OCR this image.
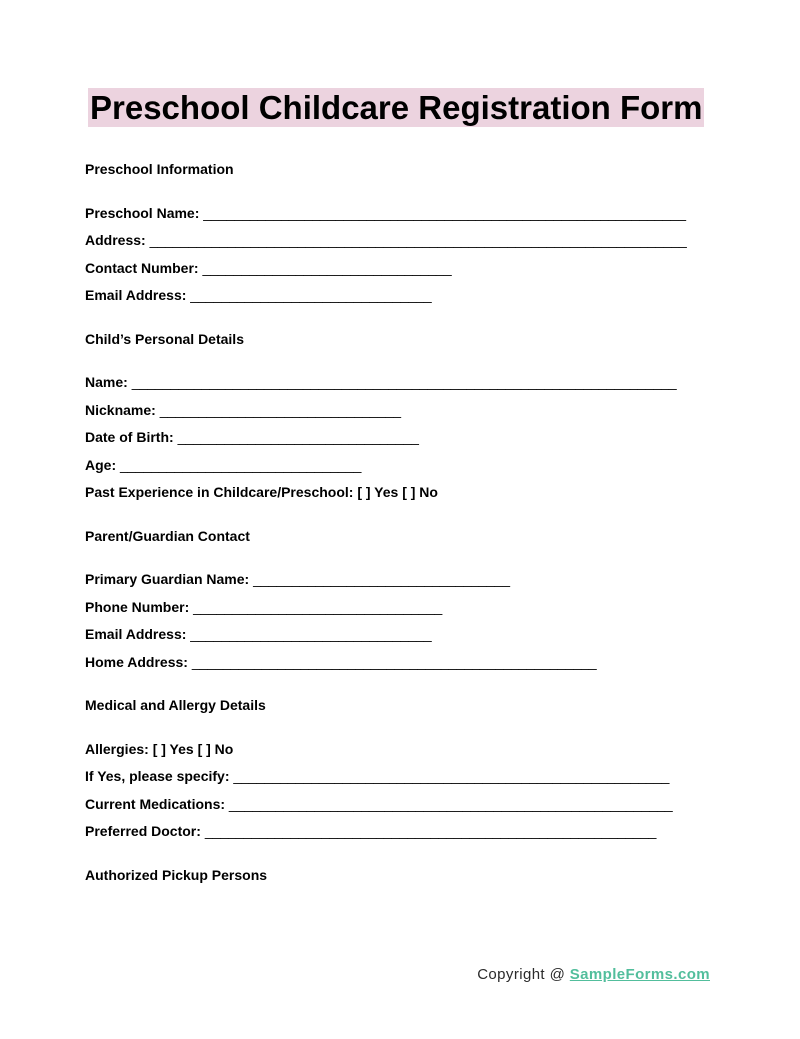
Preschool Childcare Registration Form

Preschool Information

Preschool Name: ______________________________________________________________
Address: _____________________________________________________________________
Contact Number: ________________________________
Email Address: _______________________________

Child’s Personal Details

Name: ______________________________________________________________________
Nickname: _______________________________
Date of Birth: _______________________________
Age: _______________________________
Past Experience in Childcare/Preschool: [ ] Yes [ ] No

Parent/Guardian Contact

Primary Guardian Name: _________________________________
Phone Number: ________________________________
Email Address: _______________________________
Home Address: ____________________________________________________

Medical and Allergy Details

Allergies: [ ] Yes [ ] No
If Yes, please specify: ________________________________________________________
Current Medications: _________________________________________________________
Preferred Doctor: __________________________________________________________

Authorized Pickup Persons

Copyright @ SampleForms.com
